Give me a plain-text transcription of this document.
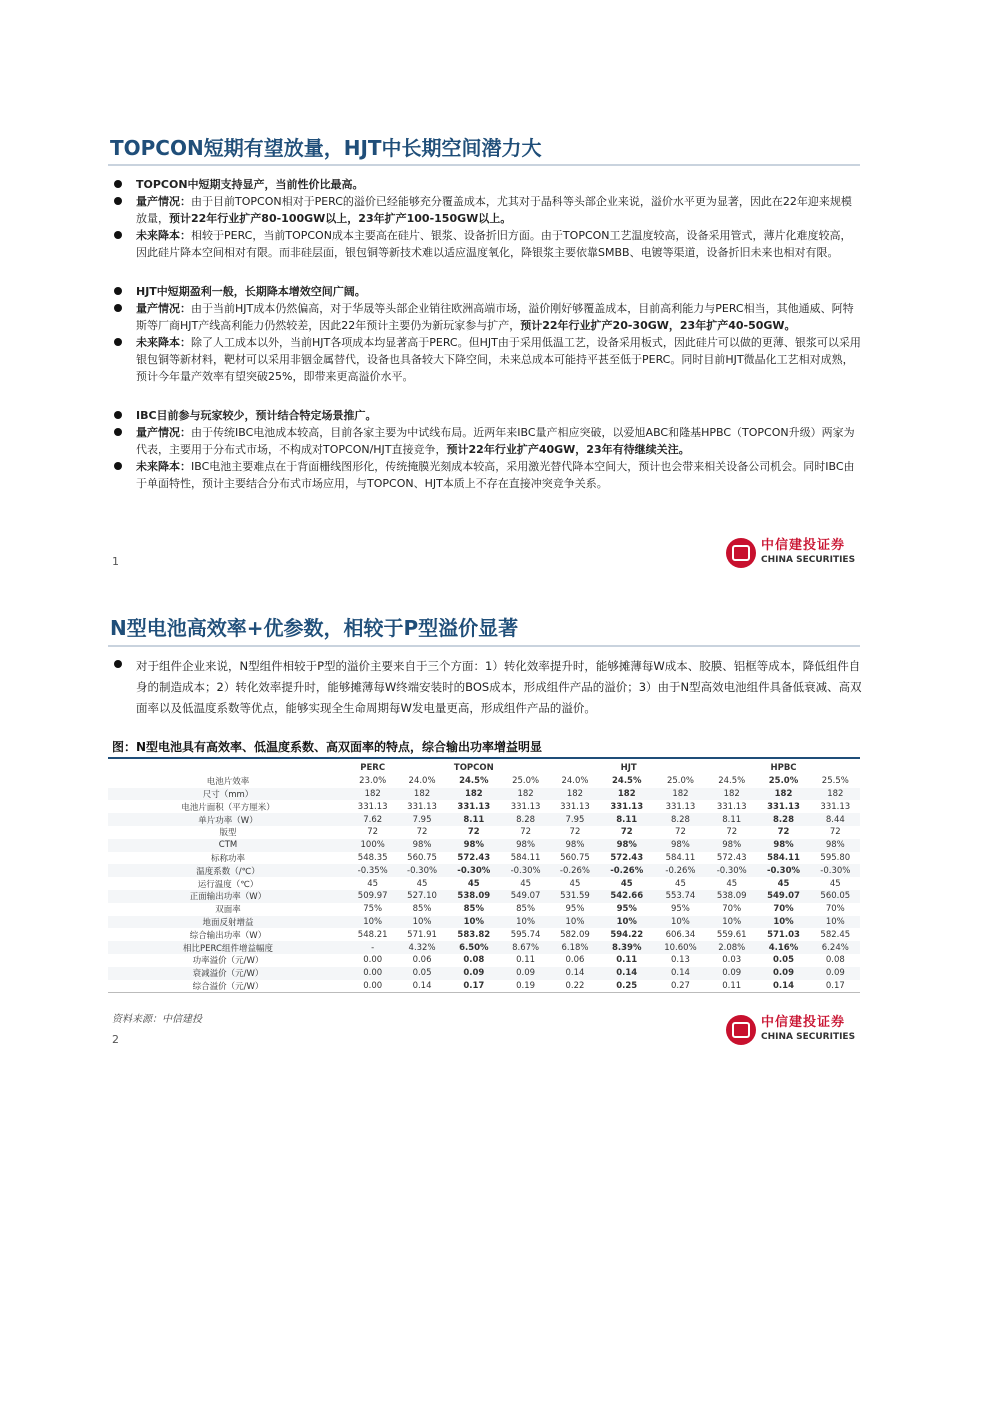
TOPCON短期有望放量，HJT中长期空间潜力大
TOPCON中短期支持显产，当前性价比最高。
量产情况：由于目前TOPCON相对于PERC的溢价已经能够充分覆盖成本，尤其对于晶科等头部企业来说，溢价水平更为显著，因此在22年迎来规模放量，预计22年行业扩产80-100GW以上，23年扩产100-150GW以上。
未来降本：相较于PERC，当前TOPCON成本主要高在硅片、银浆、设备折旧方面。由于TOPCON工艺温度较高，设备采用管式，薄片化难度较高，因此硅片降本空间相对有限。而非硅层面，银包铜等新技术难以适应温度氧化，降银浆主要依靠SMBB、电镀等渠道，设备折旧未来也相对有限。
HJT中短期盈利一般，长期降本增效空间广阔。
量产情况：由于当前HJT成本仍然偏高，对于华晟等头部企业销往欧洲高端市场，溢价刚好够覆盖成本，目前高利能力与PERC相当，其他通威、阿特斯等厂商HJT产线高利能力仍然较差，因此22年预计主要仍为新玩家参与扩产，预计22年行业扩产20-30GW，23年扩产40-50GW。
未来降本：除了人工成本以外，当前HJT各项成本均显著高于PERC。但HJT由于采用低温工艺，设备采用板式，因此硅片可以做的更薄、银浆可以采用银包铜等新材料，靶材可以采用非铟金属替代，设备也具备较大下降空间，未来总成本可能持平甚至低于PERC。同时目前HJT微晶化工艺相对成熟，预计今年量产效率有望突破25%，即带来更高溢价水平。
IBC目前参与玩家较少，预计结合特定场景推广。
量产情况：由于传统IBC电池成本较高，目前各家主要为中试线布局。近两年来IBC量产相应突破，以爱旭ABC和隆基HPBC（TOPCON升级）两家为代表，主要用于分布式市场，不构成对TOPCON/HJT直接竞争，预计22年行业扩产40GW，23年有待继续关注。
未来降本：IBC电池主要难点在于背面栅线图形化，传统掩膜光刻成本较高，采用激光替代降本空间大，预计也会带来相关设备公司机会。同时IBC由于单面特性，预计主要结合分布式市场应用，与TOPCON、HJT本质上不存在直接冲突竞争关系。
1
中信建投证券
CHINA SECURITIES
N型电池高效率+优参数，相较于P型溢价显著
对于组件企业来说，N型组件相较于P型的溢价主要来自于三个方面：1）转化效率提升时，能够摊薄每W成本、胶膜、铝框等成本，降低组件自身的制造成本；2）转化效率提升时，能够摊薄每W终端安装时的BOS成本，形成组件产品的溢价；3）由于N型高效电池组件具备低衰减、高双面率以及低温度系数等优点，能够实现全生命周期每W发电量更高，形成组件产品的溢价。
图：N型电池具有高效率、低温度系数、高双面率的特点，综合输出功率增益明显
	PERC	TOPCON			HJT			HPBC		
电池片效率	23.0%	24.0%	24.5%	25.0%	24.0%	24.5%	25.0%	24.5%	25.0%	25.5%
尺寸（mm）	182	182	182	182	182	182	182	182	182	182
电池片面积（平方厘米）	331.13	331.13	331.13	331.13	331.13	331.13	331.13	331.13	331.13	331.13
单片功率（W）	7.62	7.95	8.11	8.28	7.95	8.11	8.28	8.11	8.28	8.44
版型	72	72	72	72	72	72	72	72	72	72
CTM	100%	98%	98%	98%	98%	98%	98%	98%	98%	98%
标称功率	548.35	560.75	572.43	584.11	560.75	572.43	584.11	572.43	584.11	595.80
温度系数（/℃）	-0.35%	-0.30%	-0.30%	-0.30%	-0.26%	-0.26%	-0.26%	-0.30%	-0.30%	-0.30%
运行温度（℃）	45	45	45	45	45	45	45	45	45	45
正面输出功率（W）	509.97	527.10	538.09	549.07	531.59	542.66	553.74	538.09	549.07	560.05
双面率	75%	85%	85%	85%	95%	95%	95%	70%	70%	70%
地面反射增益	10%	10%	10%	10%	10%	10%	10%	10%	10%	10%
综合输出功率（W）	548.21	571.91	583.82	595.74	582.09	594.22	606.34	559.61	571.03	582.45
相比PERC组件增益幅度	-	4.32%	6.50%	8.67%	6.18%	8.39%	10.60%	2.08%	4.16%	6.24%
功率溢价（元/W）	0.00	0.06	0.08	0.11	0.06	0.11	0.13	0.03	0.05	0.08
衰减溢价（元/W）	0.00	0.05	0.09	0.09	0.14	0.14	0.14	0.09	0.09	0.09
综合溢价（元/W）	0.00	0.14	0.17	0.19	0.22	0.25	0.27	0.11	0.14	0.17
资料来源：中信建投
2
中信建投证券
CHINA SECURITIES
